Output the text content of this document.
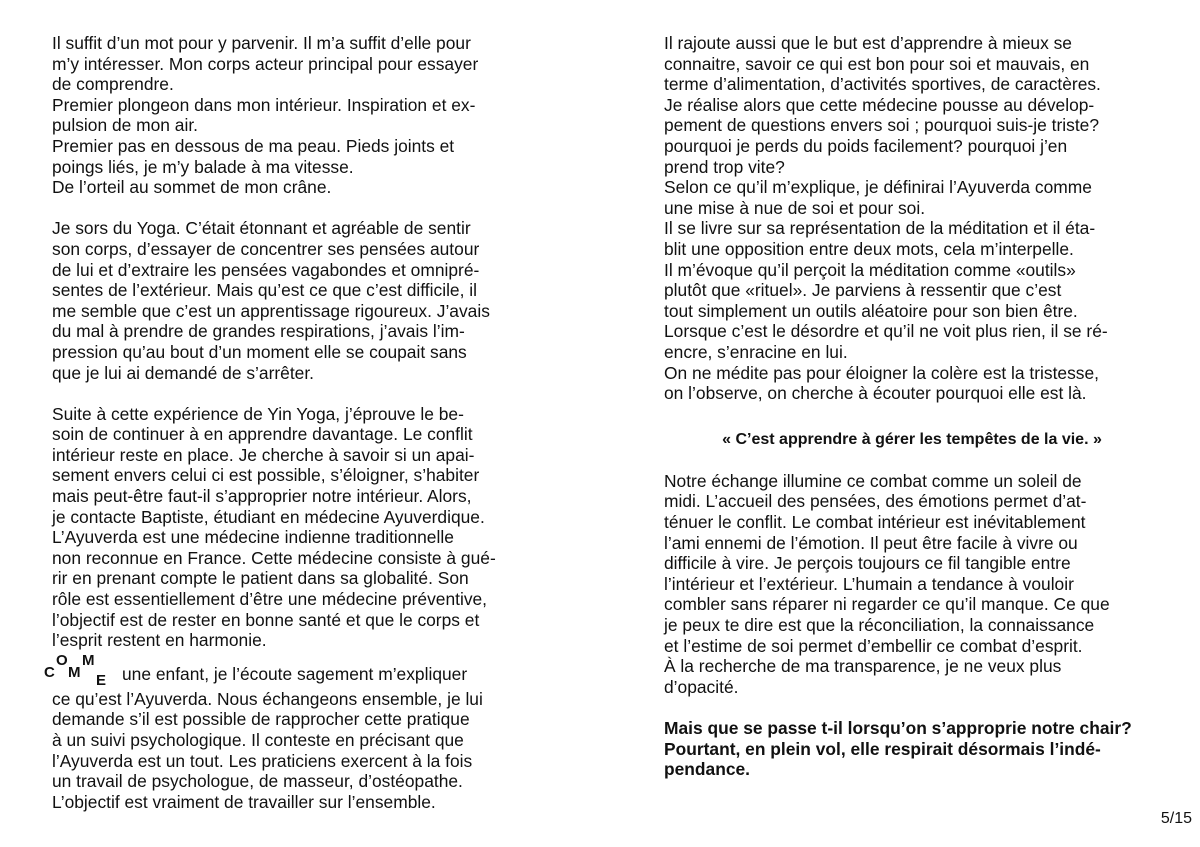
Il suffit d’un mot pour y parvenir. Il m’a suffit d’elle pour
m’y intéresser. Mon corps acteur principal pour essayer
de comprendre.
Premier plongeon dans mon intérieur. Inspiration et ex-
pulsion de mon air.
Premier pas en dessous de ma peau. Pieds joints et
poings liés, je m’y balade à ma vitesse.
De l’orteil au sommet de mon crâne.
Je sors du Yoga. C’était étonnant et agréable de sentir
son corps, d’essayer de concentrer ses pensées autour
de lui et d’extraire les pensées vagabondes et omnipré-
sentes de l’extérieur. Mais qu’est ce que c’est difficile, il
me semble que c’est un apprentissage rigoureux. J’avais
du mal à prendre de grandes respirations, j’avais l’im-
pression qu’au bout d’un moment elle se coupait sans
que je lui ai demandé de s’arrêter.
Suite à cette expérience de Yin Yoga, j’éprouve le be-
soin de continuer à en apprendre davantage. Le conflit
intérieur reste en place. Je cherche à savoir si un apai-
sement envers celui ci est possible, s’éloigner, s’habiter
mais peut-être faut-il s’approprier notre intérieur. Alors,
je contacte Baptiste, étudiant en médecine Ayuverdique.
L’Ayuverda est une médecine indienne traditionnelle
non reconnue en France. Cette médecine consiste à gué-
rir en prenant compte le patient dans sa globalité. Son
rôle est essentiellement d’être une médecine préventive,
l’objectif est de rester en bonne santé et que le corps et
l’esprit restent en harmonie.
C
O
M
M
E une enfant, je l’écoute sagement m’expliquer
ce qu’est l’Ayuverda. Nous échangeons ensemble, je lui
demande s’il est possible de rapprocher cette pratique
à un suivi psychologique. Il conteste en précisant que
l’Ayuverda est un tout. Les praticiens exercent à la fois
un travail de psychologue, de masseur, d’ostéopathe.
L’objectif est vraiment de travailler sur l’ensemble.
Il rajoute aussi que le but est d’apprendre à mieux se
connaitre, savoir ce qui est bon pour soi et mauvais, en
terme d’alimentation, d’activités sportives, de caractères.
Je réalise alors que cette médecine pousse au dévelop-
pement de questions envers soi ; pourquoi suis-je triste?
pourquoi je perds du poids facilement? pourquoi j’en
prend trop vite?
Selon ce qu’il m’explique, je définirai l’Ayuverda comme
une mise à nue de soi et pour soi.
Il se livre sur sa représentation de la méditation et il éta-
blit une opposition entre deux mots, cela m’interpelle.
Il m’évoque qu’il perçoit la méditation comme «outils»
plutôt que «rituel». Je parviens à ressentir que c’est
tout simplement un outils aléatoire pour son bien être.
Lorsque c’est le désordre et qu’il ne voit plus rien, il se ré-
encre, s’enracine en lui.
On ne médite pas pour éloigner la colère est la tristesse,
on l’observe, on cherche à écouter pourquoi elle est là.
« C’est apprendre à gérer les tempêtes de la vie. »
Notre échange illumine ce combat comme un soleil de
midi. L’accueil des pensées, des émotions permet d’at-
ténuer le conflit. Le combat intérieur est inévitablement
l’ami ennemi de l’émotion. Il peut être facile à vivre ou
difficile à vire. Je perçois toujours ce fil tangible entre
l’intérieur et l’extérieur. L’humain a tendance à vouloir
combler sans réparer ni regarder ce qu’il manque. Ce que
je peux te dire est que la réconciliation, la connaissance
et l’estime de soi permet d’embellir ce combat d’esprit.
À la recherche de ma transparence, je ne veux plus
d’opacité.
Mais que se passe t-il lorsqu’on s’approprie notre chair?
Pourtant, en plein vol, elle respirait désormais l’indé-
pendance.
5/15
